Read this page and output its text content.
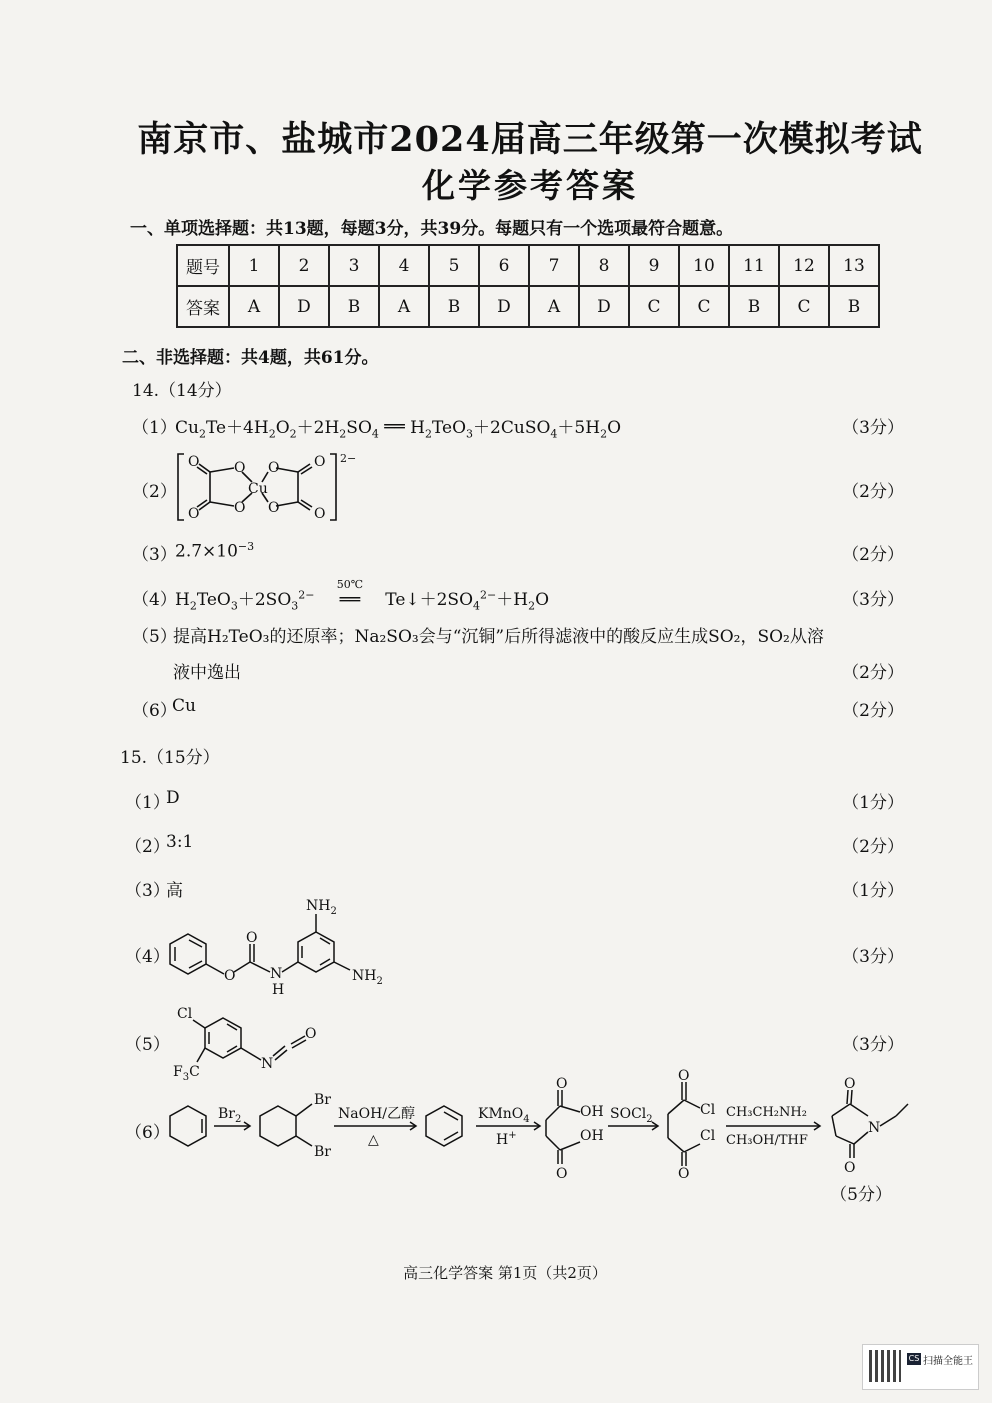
南京市、盐城市2024届高三年级第一次模拟考试
化学参考答案
一、单项选择题：共13题，每题3分，共39分。每题只有一个选项最符合题意。
题号	1	2	3	4	5	6	7	8	9	10	11	12	13
答案	A	D	B	A	B	D	A	D	C	C	B	C	B
二、非选择题：共4题，共61分。
14.（14分）
（1）
$Cu_2Te+4H_2O_2+2H_2SO_4$ ══ $H_2TeO_3+2CuSO_4+5H_2O$	（3分）
（2）
O
O
O
O
O
O
O
O
Cu
2−
（2分）
（3）
$2.7\times 10^{-3}$	（2分）
（4）
$H_2TeO_3+2SO_3^{2-}$
50℃
══ $Te↓+2SO_4^{2-}+H_2O$	（3分）
（5）
提高H₂TeO₃的还原率；Na₂SO₃会与“沉铜”后所得滤液中的酸反应生成SO₂，SO₂从溶
液中逸出	（2分）
（6）
Cu	（2分）
15.（15分）
（1）
D	（1分）
（2）
3:1	（2分）
（3）
高	（1分）
（4）
O
O
N
H
$NH_2$
$NH_2$
（3分）
（5）
Cl
$F_3C$	N
O
（3分）
（6）
$Br_2$
Br
Br
NaOH/乙醇
△
KMnO$_4$
H+
O
OH
OH
O
SOCl$_2$
O
Cl
Cl
O
CH₃CH₂NH₂
CH₃OH/THF
O
N
O
（5分）
高三化学答案 第1页（共2页）
CS 扫描全能王
